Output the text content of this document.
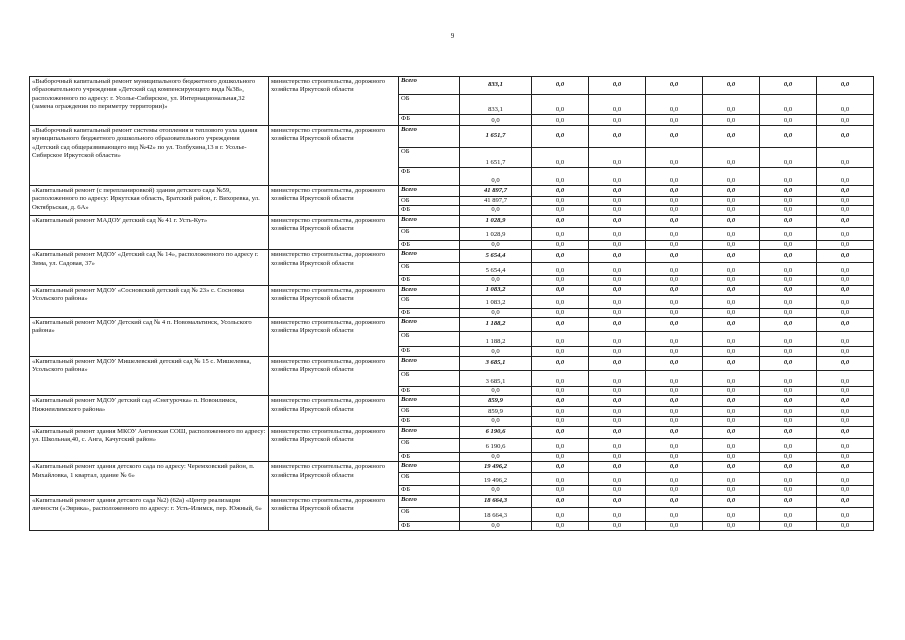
9
«Выборочный капитальный ремонт муниципального бюджетного дошкольного образовательного учреждения «Детский сад компенсирующего вида №38», расположенного по адресу: г. Усолье-Сибирское, ул. Интернациональная,32 (замена ограждения по периметру территории)»	министерство строительства, дорожного хозяйства Иркутской области	Всего	833,1	0,0	0,0	0,0	0,0	0,0	0,0
		ОБ	833,1	0,0	0,0	0,0	0,0	0,0	0,0
		ФБ	0,0	0,0	0,0	0,0	0,0	0,0	0,0
«Выборочный капитальный ремонт системы отопления и теплового узла здания муниципального бюджетного дошкольного образовательного учреждения «Детский сад общеразвивающего вид №42» по ул. Толбухина,13 в г. Усолье-Сибирское Иркутской области»	министерство строительства, дорожного хозяйства Иркутской области	Всего	1 651,7	0,0	0,0	0,0	0,0	0,0	0,0
		ОБ	1 651,7	0,0	0,0	0,0	0,0	0,0	0,0
		ФБ	0,0	0,0	0,0	0,0	0,0	0,0	0,0
«Капитальный ремонт (с перепланировкой) здания детского сада №59, расположенного по адресу: Иркутская область, Братский район, г. Вихоревка, ул. Октябрьская, д. 6А»	министерство строительства, дорожного хозяйства Иркутской области	Всего	41 897,7	0,0	0,0	0,0	0,0	0,0	0,0
		ОБ	41 897,7	0,0	0,0	0,0	0,0	0,0	0,0
		ФБ	0,0	0,0	0,0	0,0	0,0	0,0	0,0
«Капитальный ремонт МАДОУ детский сад № 41 г. Усть-Кут»	министерство строительства, дорожного хозяйства Иркутской области	Всего	1 028,9	0,0	0,0	0,0	0,0	0,0	0,0
		ОБ	1 028,9	0,0	0,0	0,0	0,0	0,0	0,0
		ФБ	0,0	0,0	0,0	0,0	0,0	0,0	0,0
«Капитальный ремонт МДОУ «Детский сад № 14», расположенного по адресу г. Зима, ул. Садовая, 37»	министерство строительства, дорожного хозяйства Иркутской области	Всего	5 654,4	0,0	0,0	0,0	0,0	0,0	0,0
		ОБ	5 654,4	0,0	0,0	0,0	0,0	0,0	0,0
		ФБ	0,0	0,0	0,0	0,0	0,0	0,0	0,0
«Капитальный ремонт МДОУ «Сосновский детский сад № 23» с. Сосновка Усольского района»	министерство строительства, дорожного хозяйства Иркутской области	Всего	1 083,2	0,0	0,0	0,0	0,0	0,0	0,0
		ОБ	1 083,2	0,0	0,0	0,0	0,0	0,0	0,0
		ФБ	0,0	0,0	0,0	0,0	0,0	0,0	0,0
«Капитальный ремонт МДОУ Детский сад № 4 п. Новомальтинск, Усольского района»	министерство строительства, дорожного хозяйства Иркутской области	Всего	1 188,2	0,0	0,0	0,0	0,0	0,0	0,0
		ОБ	1 188,2	0,0	0,0	0,0	0,0	0,0	0,0
		ФБ	0,0	0,0	0,0	0,0	0,0	0,0	0,0
«Капитальный ремонт МДОУ Мишелевский детский сад № 15 с. Мишелевка, Усольского района»	министерство строительства, дорожного хозяйства Иркутской области	Всего	3 685,1	0,0	0,0	0,0	0,0	0,0	0,0
		ОБ	3 685,1	0,0	0,0	0,0	0,0	0,0	0,0
		ФБ	0,0	0,0	0,0	0,0	0,0	0,0	0,0
«Капитальный ремонт МДОУ детский сад «Снегурочка» п. Новоилимск, Нижнеилимского района»	министерство строительства, дорожного хозяйства Иркутской области	Всего	859,9	0,0	0,0	0,0	0,0	0,0	0,0
		ОБ	859,9	0,0	0,0	0,0	0,0	0,0	0,0
		ФБ	0,0	0,0	0,0	0,0	0,0	0,0	0,0
«Капитальный ремонт здания МКОУ Ангинская СОШ, расположенного по адресу: ул. Школьная,40, с. Анга, Качугский район»	министерство строительства, дорожного хозяйства Иркутской области	Всего	6 190,6	0,0	0,0	0,0	0,0	0,0	0,0
		ОБ	6 190,6	0,0	0,0	0,0	0,0	0,0	0,0
		ФБ	0,0	0,0	0,0	0,0	0,0	0,0	0,0
«Капитальный ремонт здания детского сада по адресу: Черемховский район, п. Михайловка, 1 квартал, здание № 6»	министерство строительства, дорожного хозяйства Иркутской области	Всего	19 496,2	0,0	0,0	0,0	0,0	0,0	0,0
		ОБ	19 496,2	0,0	0,0	0,0	0,0	0,0	0,0
		ФБ	0,0	0,0	0,0	0,0	0,0	0,0	0,0
«Капитальный ремонт здания детского сада №2) (62а) «Центр реализации личности («Эврика», расположенного по адресу: г. Усть-Илимск, пер. Южный, 6»	министерство строительства, дорожного хозяйства Иркутской области	Всего	18 664,3	0,0	0,0	0,0	0,0	0,0	0,0
		ОБ	18 664,3	0,0	0,0	0,0	0,0	0,0	0,0
		ФБ	0,0	0,0	0,0	0,0	0,0	0,0	0,0
